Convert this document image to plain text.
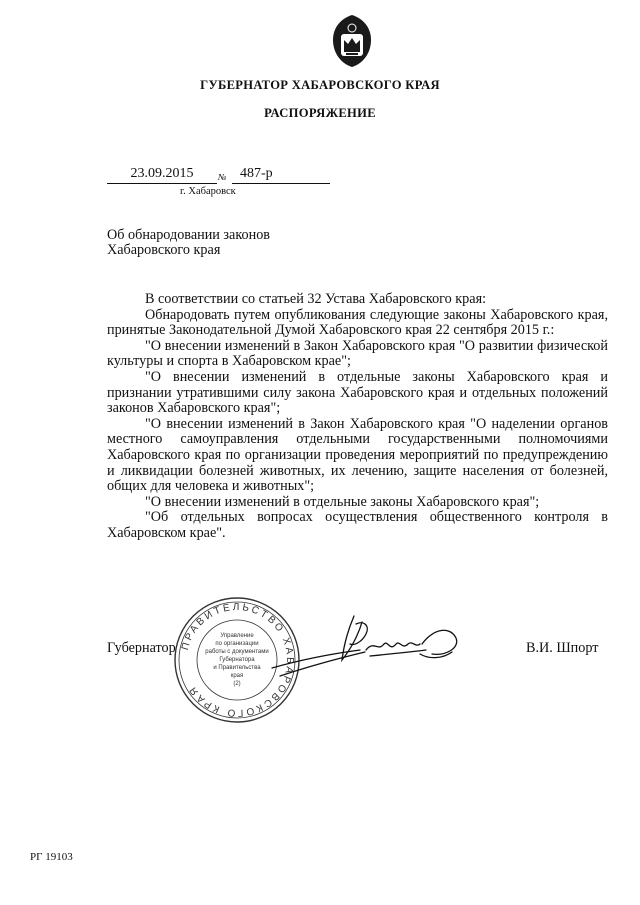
ГУБЕРНАТОР ХАБАРОВСКОГО КРАЯ
РАСПОРЯЖЕНИЕ
23.09.2015	№ 487-р
г. Хабаровск
Об обнародовании законов
Хабаровского края

В соответствии со статьей 32 Устава Хабаровского края:

Обнародовать путем опубликования следующие законы Хабаровского края, принятые Законодательной Думой Хабаровского края 22 сентября 2015 г.:

"О внесении изменений в Закон Хабаровского края "О развитии физической культуры и спорта в Хабаровском крае";

"О внесении изменений в отдельные законы Хабаровского края и признании утратившими силу закона Хабаровского края и отдельных положений законов Хабаровского края";

"О внесении изменений в Закон Хабаровского края "О наделении органов местного самоуправления отдельными государственными полномочиями Хабаровского края по организации проведения мероприятий по предупреждению и ликвидации болезней животных, их лечению, защите населения от болезней, общих для человека и животных";

"О внесении изменений в отдельные законы Хабаровского края";

"Об отдельных вопросах осуществления общественного контроля в Хабаровском крае".

Губернатор	В.И. Шпорт
ПРАВИТЕЛЬСТВО ХАБАРОВСКОГО КРАЯ
Управление
по организации
работы с документами
Губернатора
и Правительства
края
(2)
РГ 19103
